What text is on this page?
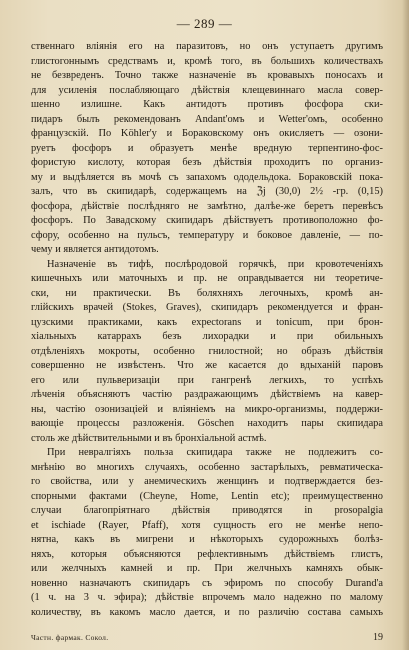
— 289 —
ственнаго вліянія его на паразитовъ, но онъ уступаетъ другимъ
глистогоннымъ средствамъ и, кромѣ того, въ большихъ количествахъ
не безвреденъ. Точно также назначеніе въ кровавыхъ поносахъ и
для усиленія послабляющаго дѣйствія клещевиннаго масла совер-
шенно излишне. Какъ антидотъ противъ фосфора ски-
пидаръ былъ рекомендованъ Andant'омъ и Wetter'омъ, особенно
французскій. По Köhler'у и Бораковскому онъ окисляетъ — озони-
руетъ фосфоръ и образуетъ менѣе вредную терпентино-фос-
фористую кислоту, которая безъ дѣйствія проходитъ по организ-
му и выдѣляется въ мочѣ съ запахомъ ододельдока. Бораковскій пока-
залъ, что въ скипидарѣ, содержащемъ на ℨj (30,0) 2½ ‑гр. (0,15)
фосфора, дѣйствіе послѣдняго не замѣтно, далѣе-же беретъ перевѣсъ
фосфоръ. По Завадскому скипидаръ дѣйствуетъ противоположно фо-
сфору, особенно на пульсъ, температуру и боковое давленіе, — по-
чему и является антидотомъ.
Назначеніе въ тифѣ, послѣродовой горячкѣ, при кровотеченіяхъ
кишечныхъ или маточныхъ и пр. не оправдывается ни теоретиче-
ски, ни практически. Въ боляхняхъ легочныхъ, кромѣ ан-
глійскихъ врачей (Stokes, Graves), скипидаръ рекомендуется и фран-
цузскими практиками, какъ expectorans и tonicum, при брон-
хіальныхъ катаррахъ безъ лихорадки и при обильныхъ
отдѣленіяхъ мокроты, особенно гнилостной; но образъ дѣйствія
совершенно не извѣстенъ. Что же касается до вдыханій паровъ
его или пульверизаціи при гангренѣ легкихъ, то успѣхъ
лѣченія объясняютъ частію раздражающимъ дѣйствіемъ на кавер-
ны, частію озонизаціей и вліяніемъ на микро-организмы, поддержи-
вающіе процессы разложенія. Göschen находитъ пары скипидара
столь же дѣйствительными и въ бронхіальной астмѣ.
При невралгіяхъ польза скипидара также не подлежитъ со-
мнѣнію во многихъ случаяхъ, особенно застарѣлыхъ, ревматическа-
го свойства, или у анемическихъ женщинъ и подтверждается без-
спорными фактами (Cheyne, Home, Lentin etc); преимущественно
случаи благопріятнаго дѣйствія приводятся in prosopalgia
et ischiade (Rayer, Pfaff), хотя сущность его не менѣе непо-
нятна, какъ въ мигрени и нѣкоторыхъ судорожныхъ болѣз-
няхъ, которыя объясняются рефлективнымъ дѣйствіемъ глистъ,
или желчныхъ камней и пр. При желчныхъ камняхъ обык-
новенно назначаютъ скипидаръ съ эфиромъ по способу Durand'а
(1 ч. на 3 ч. эфира); дѣйствіе впрочемъ мало надежно по малому
количеству, въ какомъ масло дается, и по различію состава самыхъ
Частн. фармак. Сокол.	19
